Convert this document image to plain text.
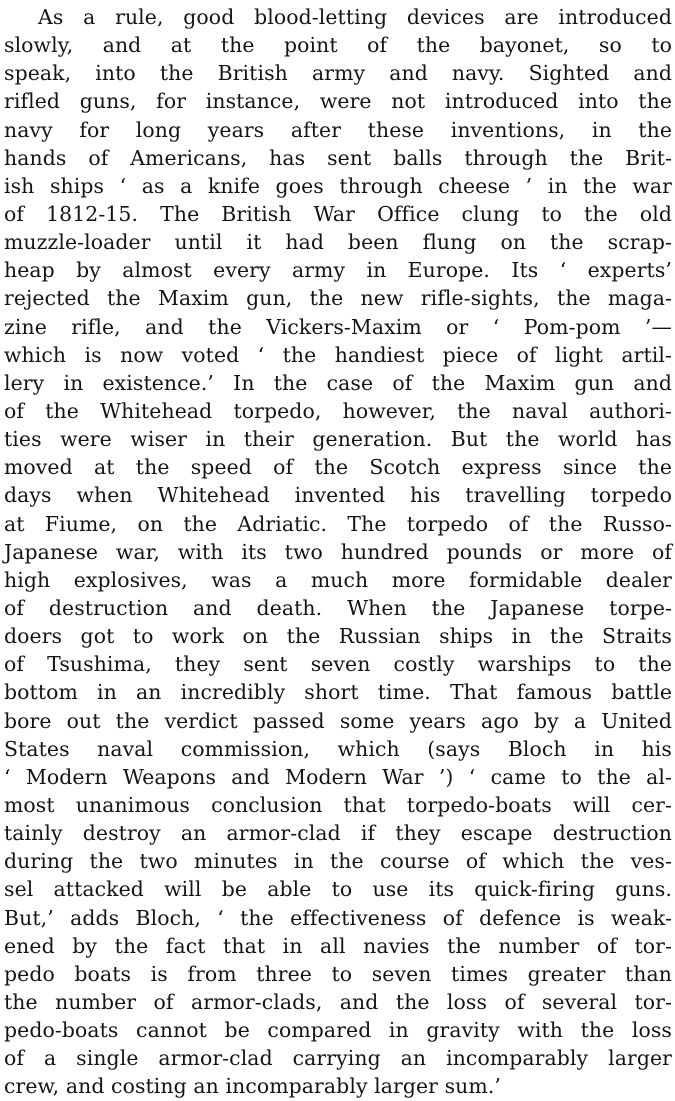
As a rule, good blood-letting devices are introduced
slowly, and at the point of the bayonet, so to
speak, into the British army and navy. Sighted and
rifled guns, for instance, were not introduced into the
navy for long years after these inventions, in the
hands of Americans, has sent balls through the Brit-
ish ships ‘ as a knife goes through cheese ’ in the war
of 1812-15. The British War Office clung to the old
muzzle-loader until it had been flung on the scrap-
heap by almost every army in Europe. Its ‘ experts’
rejected the Maxim gun, the new rifle-sights, the maga-
zine rifle, and the Vickers-Maxim or ‘ Pom-pom ’—
which is now voted ‘ the handiest piece of light artil-
lery in existence.’ In the case of the Maxim gun and
of the Whitehead torpedo, however, the naval authori-
ties were wiser in their generation. But the world has
moved at the speed of the Scotch express since the
days when Whitehead invented his travelling torpedo
at Fiume, on the Adriatic. The torpedo of the Russo-
Japanese war, with its two hundred pounds or more of
high explosives, was a much more formidable dealer
of destruction and death. When the Japanese torpe-
doers got to work on the Russian ships in the Straits
of Tsushima, they sent seven costly warships to the
bottom in an incredibly short time. That famous battle
bore out the verdict passed some years ago by a United
States naval commission, which (says Bloch in his
‘ Modern Weapons and Modern War ’) ‘ came to the al-
most unanimous conclusion that torpedo-boats will cer-
tainly destroy an armor-clad if they escape destruction
during the two minutes in the course of which the ves-
sel attacked will be able to use its quick-firing guns.
But,’ adds Bloch, ‘ the effectiveness of defence is weak-
ened by the fact that in all navies the number of tor-
pedo boats is from three to seven times greater than
the number of armor-clads, and the loss of several tor-
pedo-boats cannot be compared in gravity with the loss
of a single armor-clad carrying an incomparably larger
crew, and costing an incomparably larger sum.’
